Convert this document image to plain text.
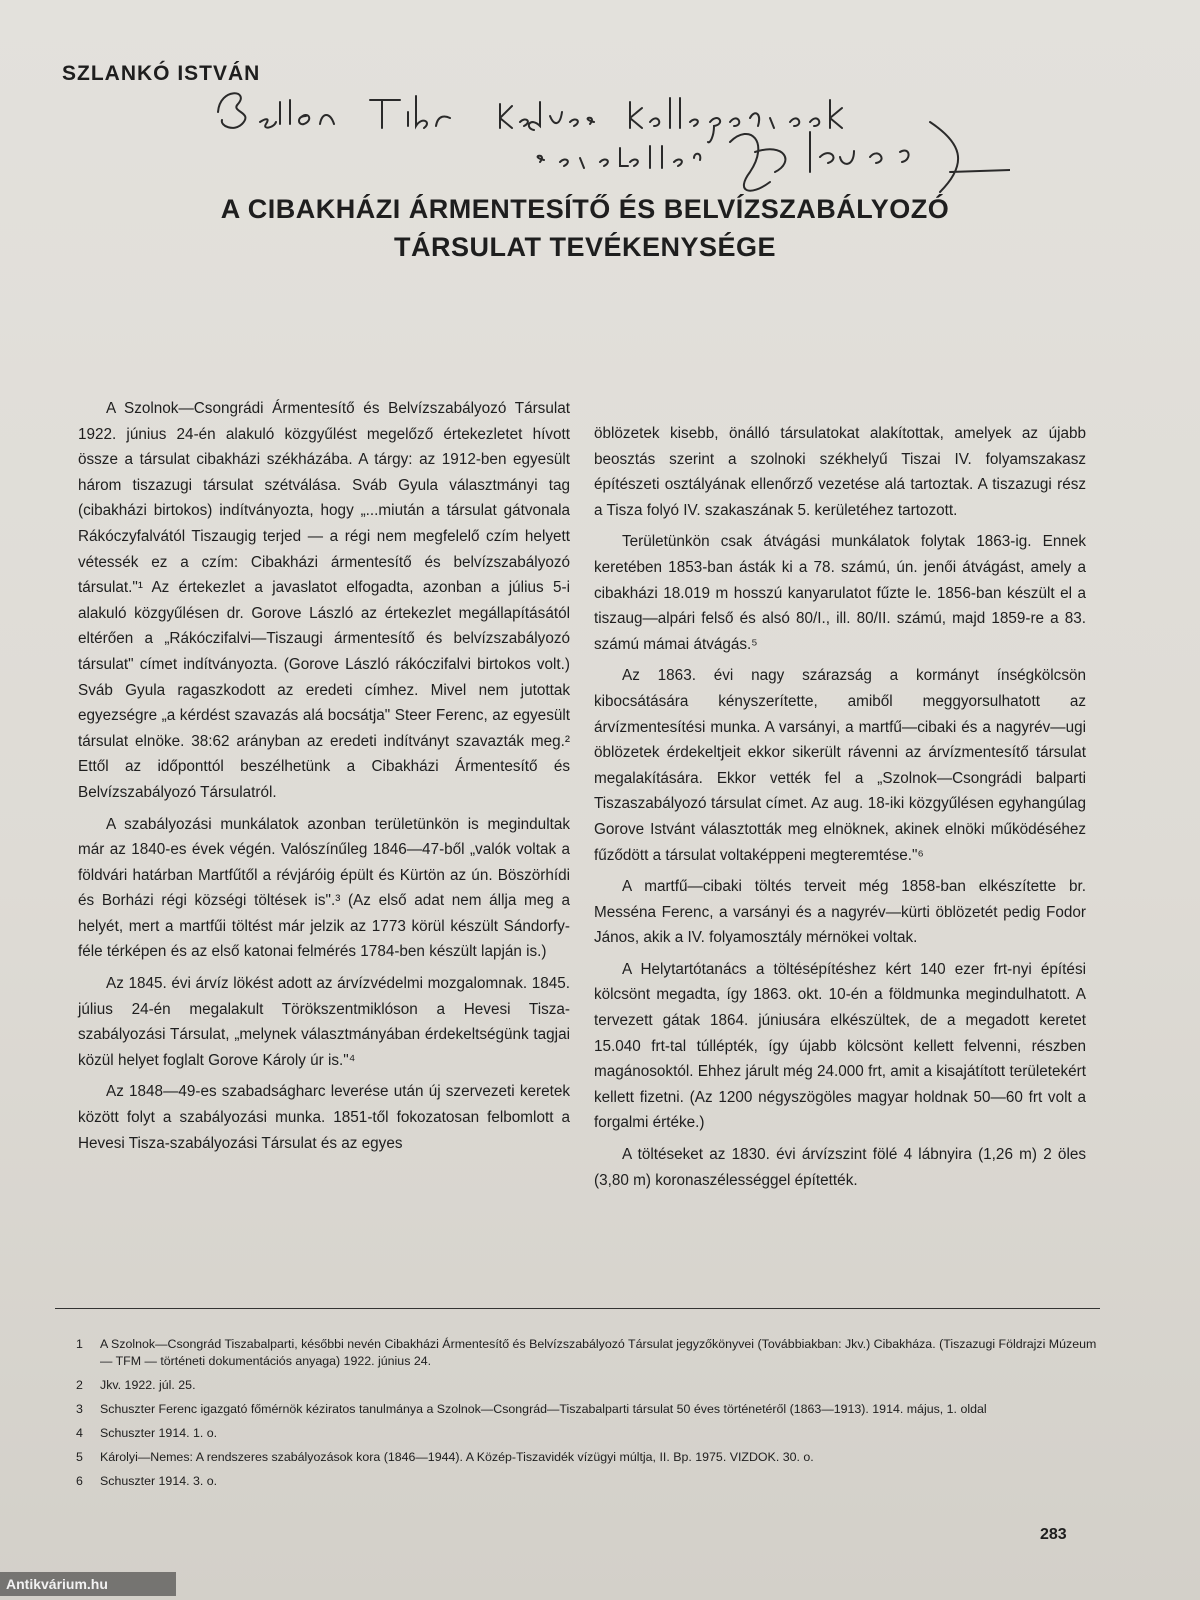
SZLANKÓ ISTVÁN
A CIBAKHÁZI ÁRMENTESÍTŐ ÉS BELVÍZSZABÁLYOZÓ TÁRSULAT TEVÉKENYSÉGE

A Szolnok—Csongrádi Ármentesítő és Belvízszabályozó Társulat 1922. június 24-én alakuló közgyűlést megelőző értekezletet hívott össze a társulat cibakházi székházába. A tárgy: az 1912-ben egyesült három tiszazugi társulat szétválása. Sváb Gyula választmányi tag (cibakházi birtokos) indítványozta, hogy „...miután a társulat gátvonala Rákóczyfalvától Tiszaugig terjed — a régi nem megfelelő czím helyett vétessék ez a czím: Cibakházi ármentesítő és belvízszabályozó társulat."¹ Az értekezlet a javaslatot elfogadta, azonban a július 5-i alakuló közgyűlésen dr. Gorove László az értekezlet megállapításától eltérően a „Rákóczifalvi—Tiszaugi ármentesítő és belvízszabályozó társulat" címet indítványozta. (Gorove László rákóczifalvi birtokos volt.) Sváb Gyula ragaszkodott az eredeti címhez. Mivel nem jutottak egyezségre „a kérdést szavazás alá bocsátja" Steer Ferenc, az egyesült társulat elnöke. 38:62 arányban az eredeti indítványt szavazták meg.² Ettől az időponttól beszélhetünk a Cibakházi Ármentesítő és Belvízszabályozó Társulatról.

A szabályozási munkálatok azonban területünkön is megindultak már az 1840-es évek végén. Valószínűleg 1846—47-ből „valók voltak a földvári határban Martfűtől a révjáróig épült és Kürtön az ún. Böszörhídi és Borházi régi községi töltések is".³ (Az első adat nem állja meg a helyét, mert a martfűi töltést már jelzik az 1773 körül készült Sándorfy-féle térképen és az első katonai felmérés 1784-ben készült lapján is.)

Az 1845. évi árvíz lökést adott az árvízvédelmi mozgalomnak. 1845. július 24-én megalakult Törökszentmiklóson a Hevesi Tisza-szabályozási Társulat, „melynek választmányában érdekeltségünk tagjai közül helyet foglalt Gorove Károly úr is."⁴

Az 1848—49-es szabadságharc leverése után új szervezeti keretek között folyt a szabályozási munka. 1851-től fokozatosan felbomlott a Hevesi Tisza-szabályozási Társulat és az egyes

öblözetek kisebb, önálló társulatokat alakítottak, amelyek az újabb beosztás szerint a szolnoki székhelyű Tiszai IV. folyamszakasz építészeti osztályának ellenőrző vezetése alá tartoztak. A tiszazugi rész a Tisza folyó IV. szakaszának 5. kerületéhez tartozott.

Területünkön csak átvágási munkálatok folytak 1863-ig. Ennek keretében 1853-ban ásták ki a 78. számú, ún. jenői átvágást, amely a cibakházi 18.019 m hosszú kanyarulatot fűzte le. 1856-ban készült el a tiszaug—alpári felső és alsó 80/I., ill. 80/II. számú, majd 1859-re a 83. számú mámai átvágás.⁵

Az 1863. évi nagy szárazság a kormányt ínségkölcsön kibocsátására kényszerítette, amiből meggyorsulhatott az árvízmentesítési munka. A varsányi, a martfű—cibaki és a nagyrév—ugi öblözetek érdekeltjeit ekkor sikerült rávenni az árvízmentesítő társulat megalakítására. Ekkor vették fel a „Szolnok—Csongrádi balparti Tiszaszabályozó társulat címet. Az aug. 18-iki közgyűlésen egyhangúlag Gorove Istvánt választották meg elnöknek, akinek elnöki működéséhez fűződött a társulat voltaképpeni megteremtése."⁶

A martfű—cibaki töltés terveit még 1858-ban elkészítette br. Messéna Ferenc, a varsányi és a nagyrév—kürti öblözetét pedig Fodor János, akik a IV. folyamosztály mérnökei voltak.

A Helytartótanács a töltésépítéshez kért 140 ezer frt-nyi építési kölcsönt megadta, így 1863. okt. 10-én a földmunka megindulhatott. A tervezett gátak 1864. júniusára elkészültek, de a megadott keretet 15.040 frt-tal túllépték, így újabb kölcsönt kellett felvenni, részben magánosoktól. Ehhez járult még 24.000 frt, amit a kisajátított területekért kellett fizetni. (Az 1200 négyszögöles magyar holdnak 50—60 frt volt a forgalmi értéke.)

A töltéseket az 1830. évi árvízszint fölé 4 lábnyira (1,26 m) 2 öles (3,80 m) koronaszélességgel építették.

1 A Szolnok—Csongrád Tiszabalparti, későbbi nevén Cibakházi Ármentesítő és Belvízszabályozó Társulat jegyzőkönyvei (Továbbiakban: Jkv.) Cibakháza. (Tiszazugi Földrajzi Múzeum — TFM — történeti dokumentációs anyaga) 1922. június 24.
2 Jkv. 1922. júl. 25.
3 Schuszter Ferenc igazgató főmérnök kéziratos tanulmánya a Szolnok—Csongrád—Tiszabalparti társulat 50 éves történetéről (1863—1913). 1914. május, 1. oldal
4 Schuszter 1914. 1. o.
5 Károlyi—Nemes: A rendszeres szabályozások kora (1846—1944). A Közép-Tiszavidék vízügyi múltja, II. Bp. 1975. VIZDOK. 30. o.
6 Schuszter 1914. 3. o.
283
Antikvárium.hu
